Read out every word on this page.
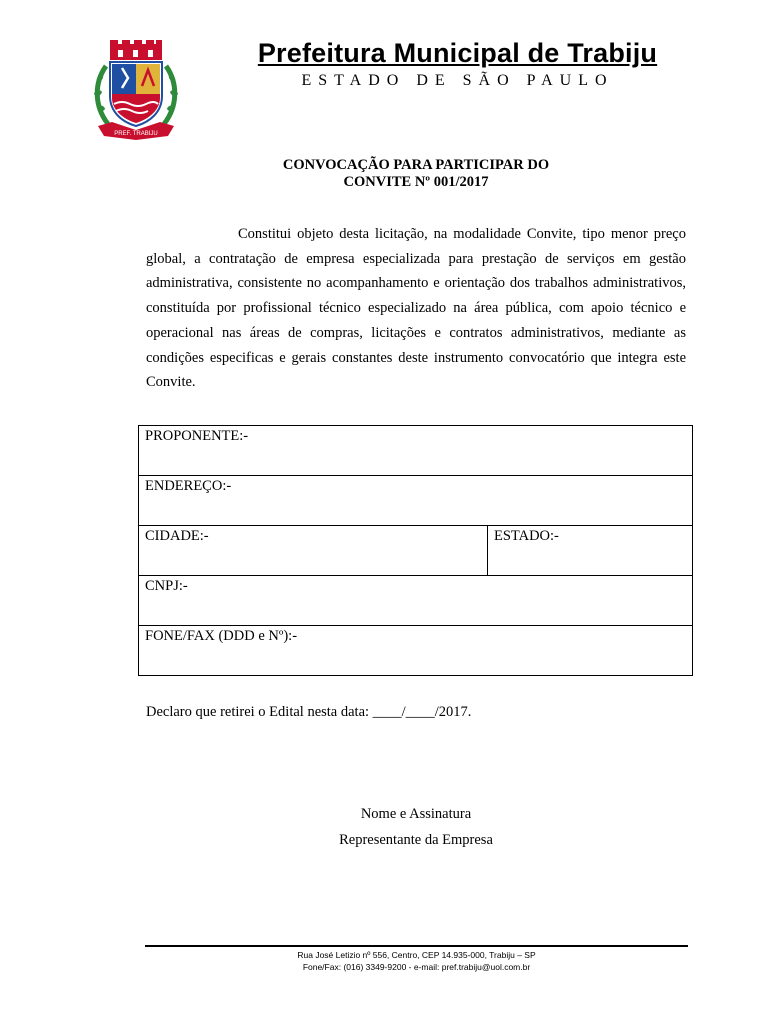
PREF. TRABIJU
Prefeitura Municipal de Trabiju
ESTADO DE SÃO PAULO
CONVOCAÇÃO PARA PARTICIPAR DO
CONVITE Nº 001/2017

Constitui objeto desta licitação, na modalidade Convite, tipo menor preço global, a contratação de empresa especializada para prestação de serviços em gestão administrativa, consistente no acompanhamento e orientação dos trabalhos administrativos, constituída por profissional técnico especializado na área pública, com apoio técnico e operacional nas áreas de compras, licitações e contratos administrativos, mediante as condições especificas e gerais constantes deste instrumento convocatório que integra este Convite.

PROPONENTE:-
ENDEREÇO:-
CIDADE:-	ESTADO:-
CNPJ:-
FONE/FAX (DDD e Nº):-
Declaro que retirei o Edital nesta data: ____/____/2017.
Nome e Assinatura
Representante da Empresa
Rua José Letizio nº 556, Centro, CEP 14.935-000, Trabiju – SP
Fone/Fax: (016) 3349-9200 - e-mail: pref.trabiju@uol.com.br
